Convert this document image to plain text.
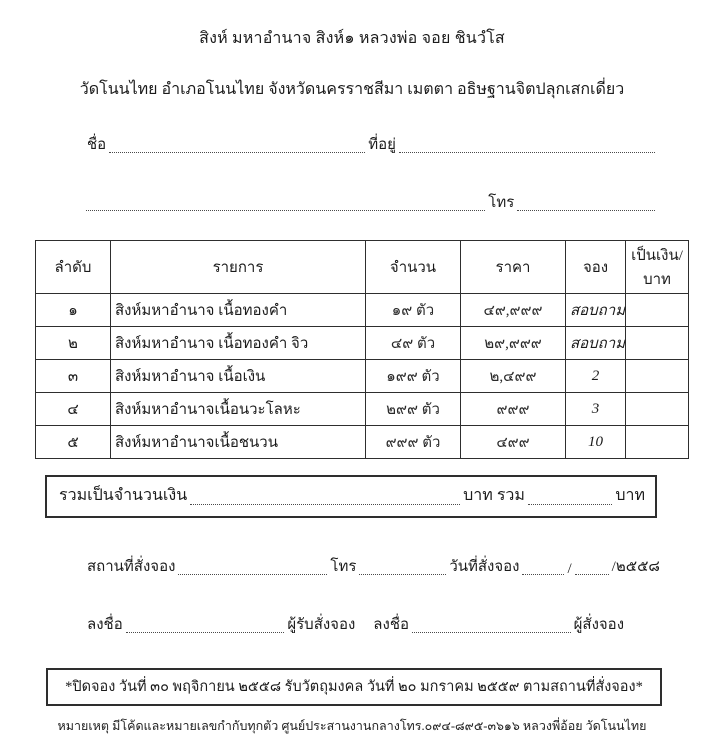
สิงห์ มหาอำนาจ สิงห์๑ หลวงพ่อ จอย ชินวํโส
วัดโนนไทย อำเภอโนนไทย จังหวัดนครราชสีมา เมตตา อธิษฐานจิตปลุกเสกเดี่ยว
ชื่อ	ที่อยู่
โทร
ลำดับ	รายการ	จำนวน	ราคา	จอง	เป็นเงิน/บาท
๑	สิงห์มหาอำนาจ เนื้อทองคำ	๑๙ ตัว	๔๙,๙๙๙	สอบถาม	
๒	สิงห์มหาอำนาจ เนื้อทองคำ จิว	๔๙ ตัว	๒๙,๙๙๙	สอบถาม	
๓	สิงห์มหาอำนาจ เนื้อเงิน	๑๙๙ ตัว	๒,๔๙๙	2	
๔	สิงห์มหาอำนาจเนื้อนวะโลหะ	๒๙๙ ตัว	๙๙๙	3	
๕	สิงห์มหาอำนาจเนื้อชนวน	๙๙๙ ตัว	๔๙๙	10	
รวมเป็นจำนวนเงิน	บาท รวม	บาท
สถานที่สั่งจอง	โทร	วันที่สั่งจอง	/	/๒๕๕๘
ลงชื่อ	ผู้รับสั่งจอง ลงชื่อ	ผู้สั่งจอง
*ปิดจอง วันที่ ๓๐ พฤจิกายน ๒๕๕๘ รับวัตถุมงคล วันที่ ๒๐ มกราคม ๒๕๕๙ ตามสถานที่สั่งจอง*
หมายเหตุ มีโค้ดและหมายเลขกำกับทุกตัว ศูนย์ประสานงานกลางโทร.๐๙๔-๘๙๕-๓๖๑๖ หลวงพี่อ้อย วัดโนนไทย
